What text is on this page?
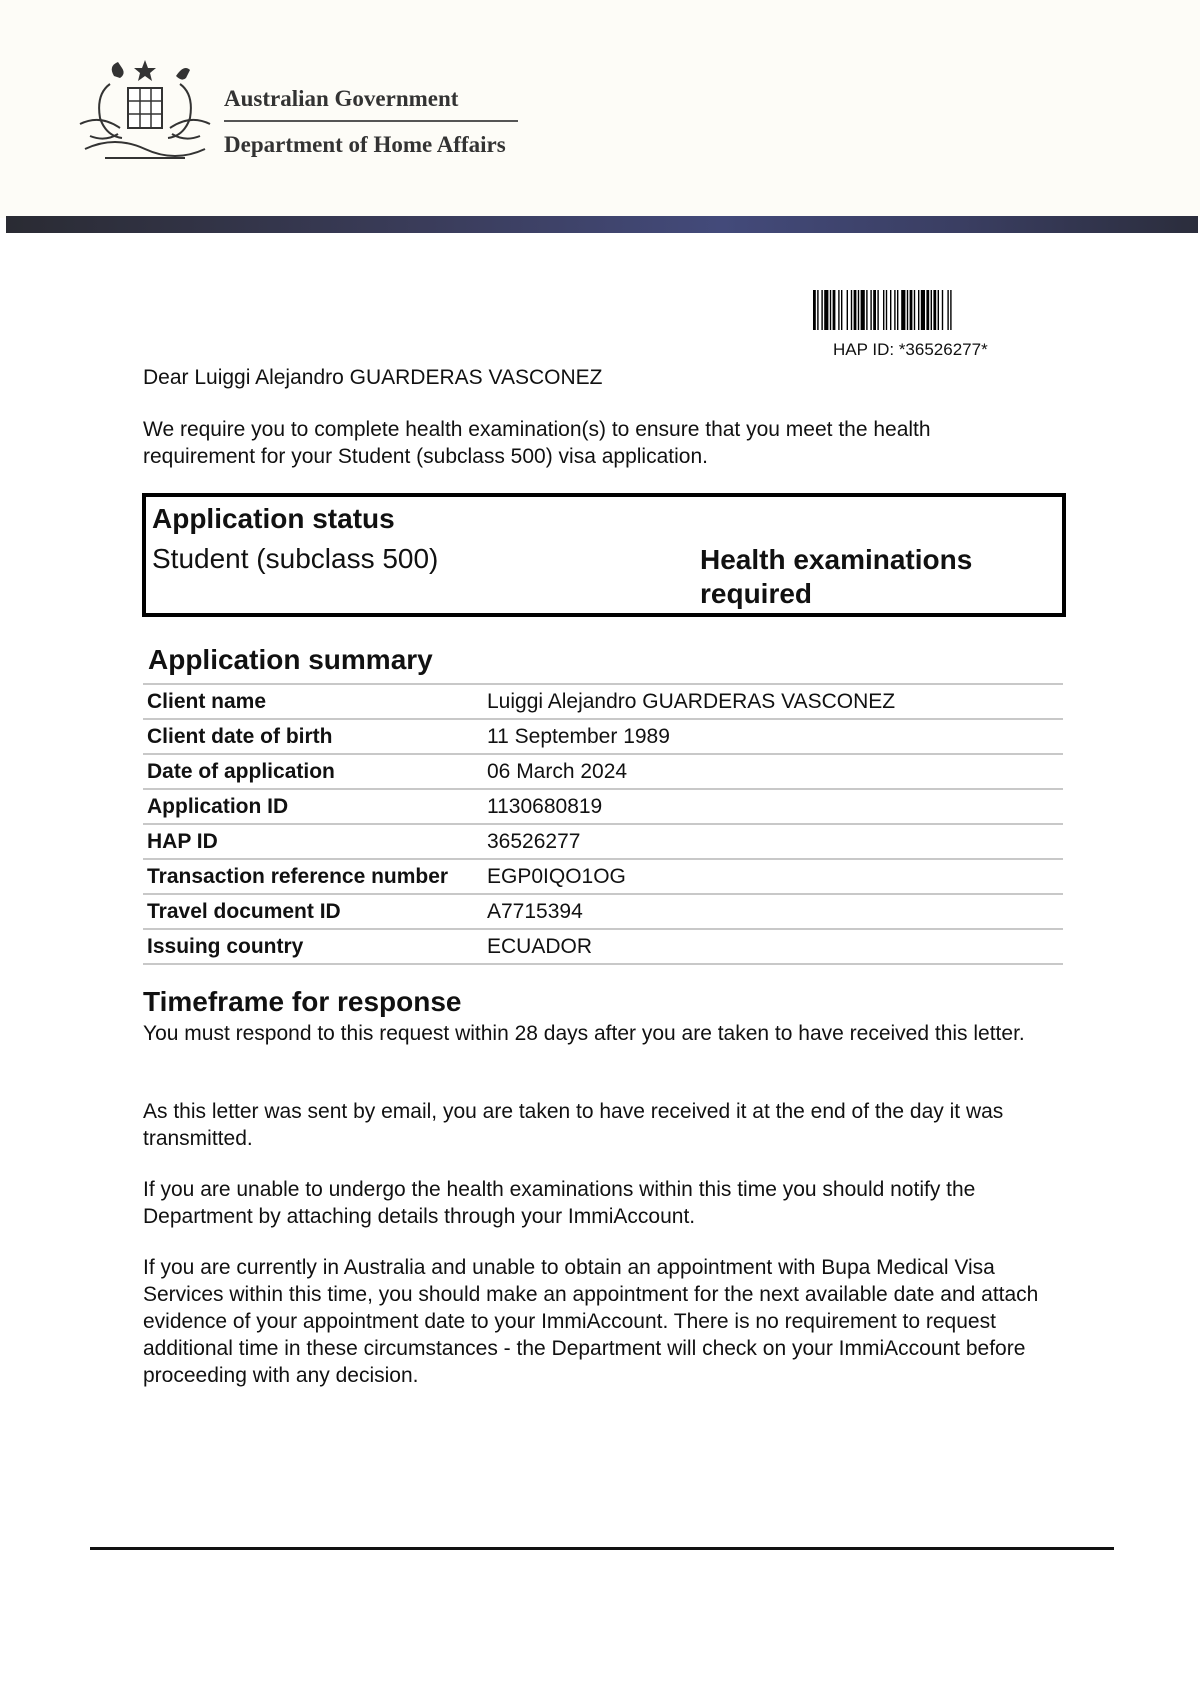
Australian Government
Department of Home Affairs
HAP ID: *36526277*
Dear Luiggi Alejandro GUARDERAS VASCONEZ
We require you to complete health examination(s) to ensure that you meet the health requirement for your Student (subclass 500) visa application.
Application status
Student (subclass 500)	Health examinations required
Application summary
Client name	Luiggi Alejandro GUARDERAS VASCONEZ
Client date of birth	11 September 1989
Date of application	06 March 2024
Application ID	1130680819
HAP ID	36526277
Transaction reference number	EGP0IQO1OG
Travel document ID	A7715394
Issuing country	ECUADOR
Timeframe for response
You must respond to this request within 28 days after you are taken to have received this letter.
As this letter was sent by email, you are taken to have received it at the end of the day it was transmitted.
If you are unable to undergo the health examinations within this time you should notify the Department by attaching details through your ImmiAccount.
If you are currently in Australia and unable to obtain an appointment with Bupa Medical Visa Services within this time, you should make an appointment for the next available date and attach evidence of your appointment date to your ImmiAccount. There is no requirement to request additional time in these circumstances - the Department will check on your ImmiAccount before proceeding with any decision.
